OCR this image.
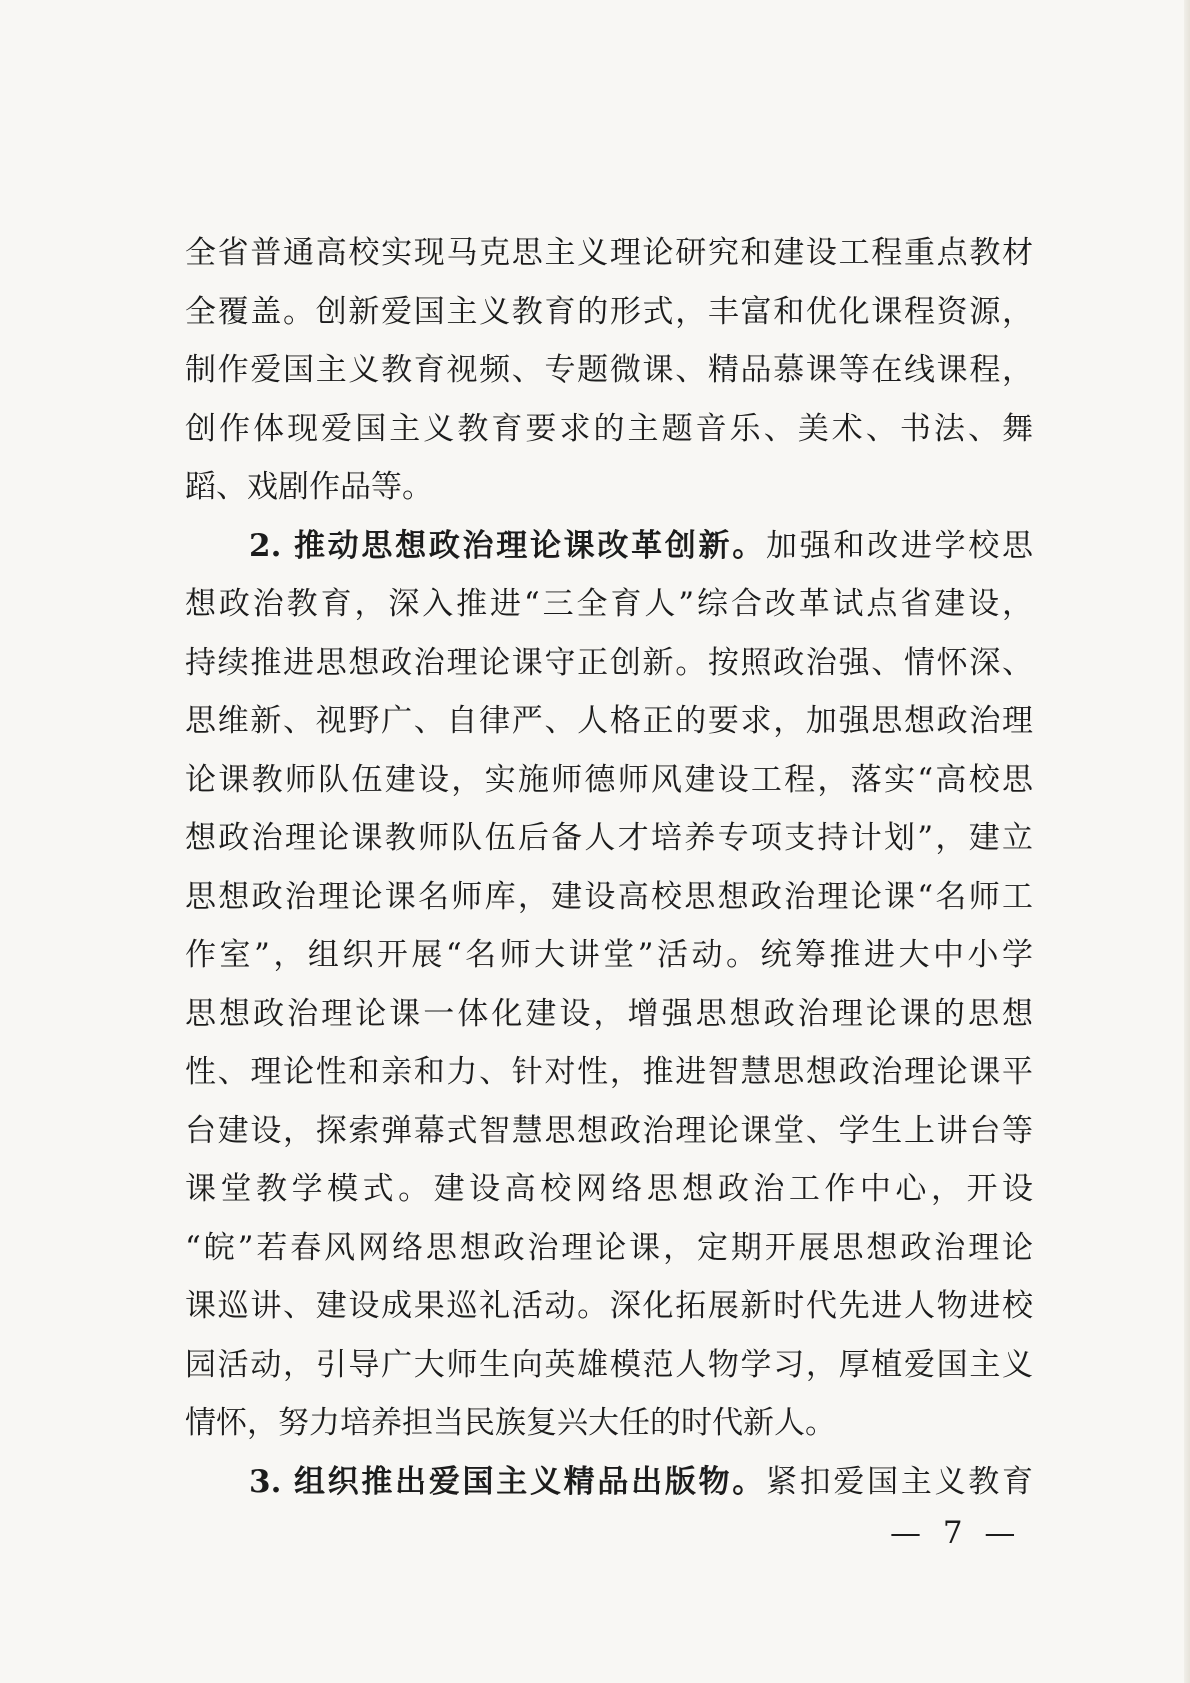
全省普通高校实现马克思主义理论研究和建设工程重点教材
全覆盖。创新爱国主义教育的形式，丰富和优化课程资源，
制作爱国主义教育视频、专题微课、精品慕课等在线课程，
创作体现爱国主义教育要求的主题音乐、美术、书法、舞
蹈、戏剧作品等。
2. 推动思想政治理论课改革创新。加强和改进学校思
想政治教育，深入推进“三全育人”综合改革试点省建设，
持续推进思想政治理论课守正创新。按照政治强、情怀深、
思维新、视野广、自律严、人格正的要求，加强思想政治理
论课教师队伍建设，实施师德师风建设工程，落实“高校思
想政治理论课教师队伍后备人才培养专项支持计划”，建立
思想政治理论课名师库，建设高校思想政治理论课“名师工
作室”，组织开展“名师大讲堂”活动。统筹推进大中小学
思想政治理论课一体化建设，增强思想政治理论课的思想
性、理论性和亲和力、针对性，推进智慧思想政治理论课平
台建设，探索弹幕式智慧思想政治理论课堂、学生上讲台等
课堂教学模式。建设高校网络思想政治工作中心，开设
“皖”若春风网络思想政治理论课，定期开展思想政治理论
课巡讲、建设成果巡礼活动。深化拓展新时代先进人物进校
园活动，引导广大师生向英雄模范人物学习，厚植爱国主义
情怀，努力培养担当民族复兴大任的时代新人。
3. 组织推出爱国主义精品出版物。紧扣爱国主义教育
— 7 —
